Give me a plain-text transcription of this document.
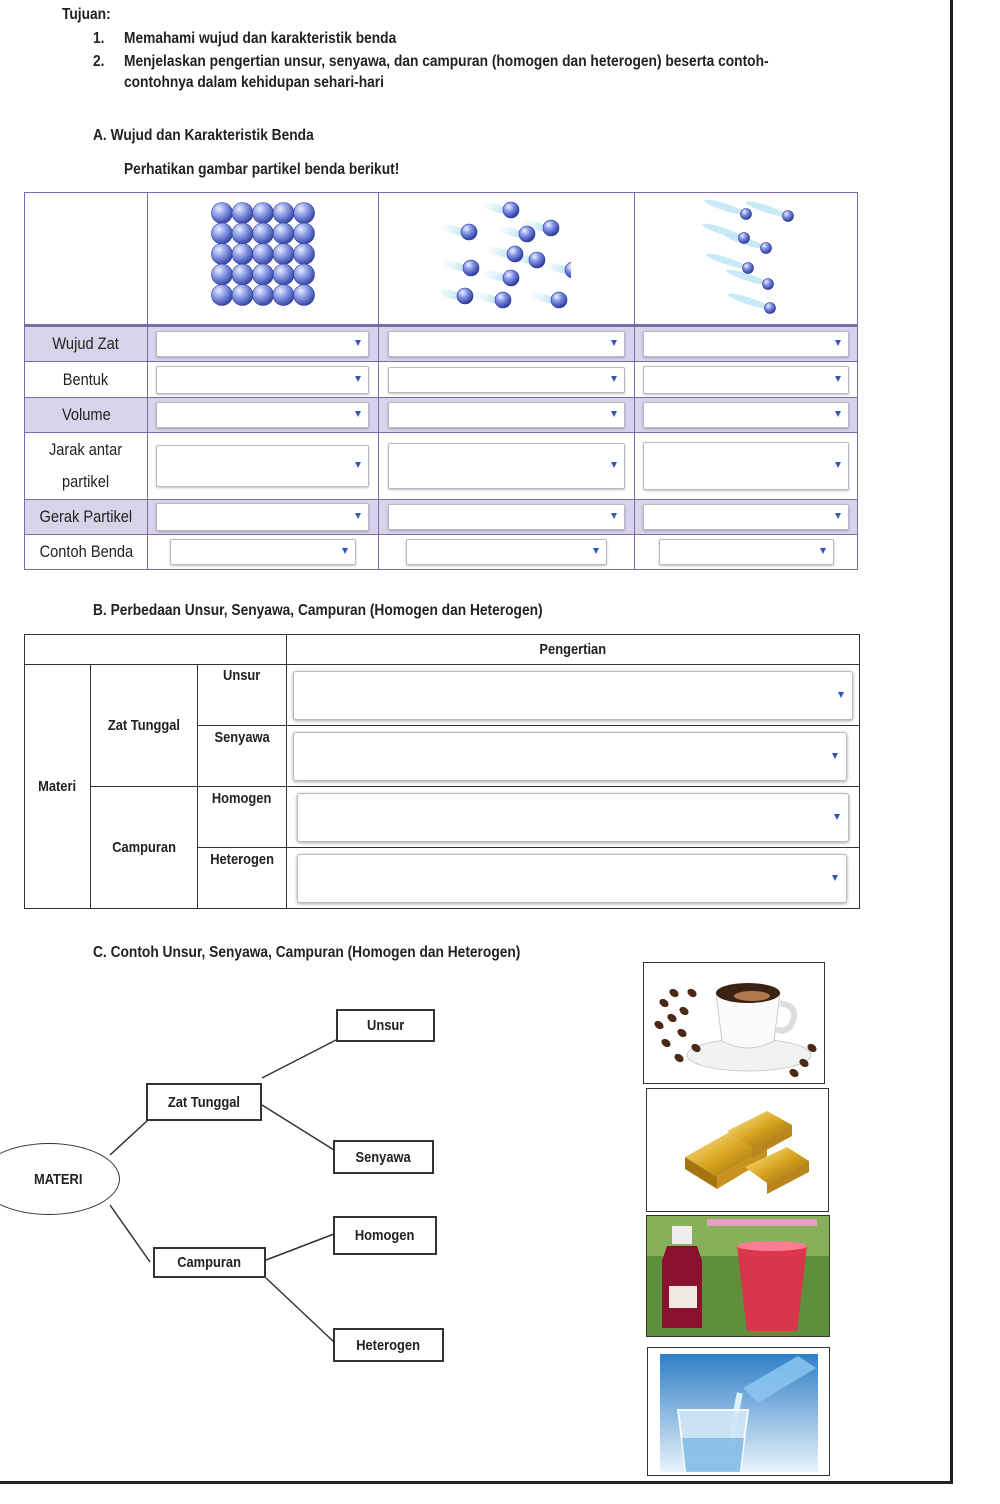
Tujuan:
1. Memahami wujud dan karakteristik benda
2. Menjelaskan pengertian unsur, senyawa, dan campuran (homogen dan heterogen) beserta contoh-
contohnya dalam kehidupan sehari-hari
A. Wujud dan Karakteristik Benda
Perhatikan gambar partikel benda berikut!

Wujud Zat	

Bentuk	

Volume	

Jarak antar
partikel	

Gerak Partikel	

Contoh Benda	

B. Perbedaan Unsur, Senyawa, Campuran (Homogen dan Heterogen)
			Pengertian
Materi	Zat Tunggal	Unsur	

		Senyawa	

	Campuran	Homogen	

		Heterogen	
C. Contoh Unsur, Senyawa, Campuran (Homogen dan Heterogen)
MATERI
Zat Tunggal
Campuran
Unsur
Senyawa
Homogen
Heterogen
